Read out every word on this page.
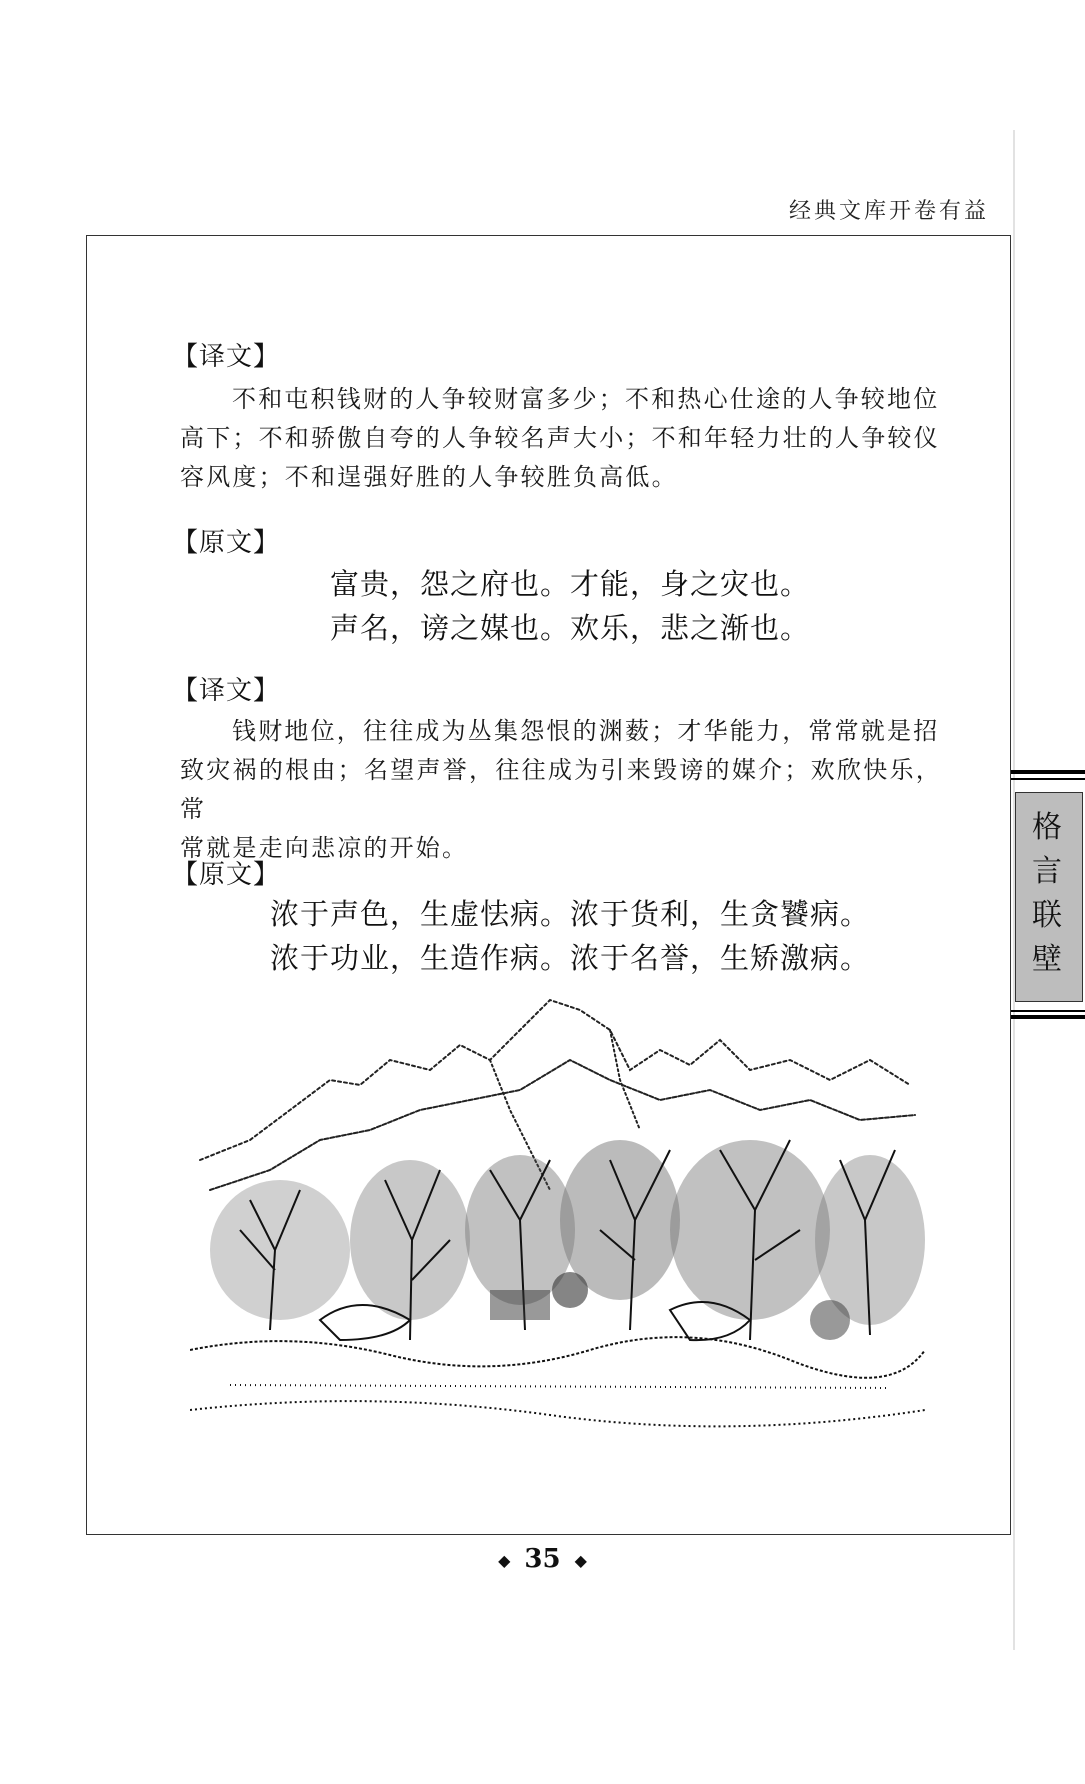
经典文库开卷有益
【译文】
不和屯积钱财的人争较财富多少；不和热心仕途的人争较地位
高下；不和骄傲自夸的人争较名声大小；不和年轻力壮的人争较仪
容风度；不和逞强好胜的人争较胜负高低。
【原文】
富贵，怨之府也。才能，身之灾也。
声名，谤之媒也。欢乐，悲之渐也。
【译文】
钱财地位，往往成为丛集怨恨的渊薮；才华能力，常常就是招
致灾祸的根由；名望声誉，往往成为引来毁谤的媒介；欢欣快乐，常
常就是走向悲凉的开始。
【原文】
浓于声色，生虚怯病。浓于货利，生贪饕病。
浓于功业，生造作病。浓于名誉，生矫激病。
格
言
联
壁
◆ 35 ◆
